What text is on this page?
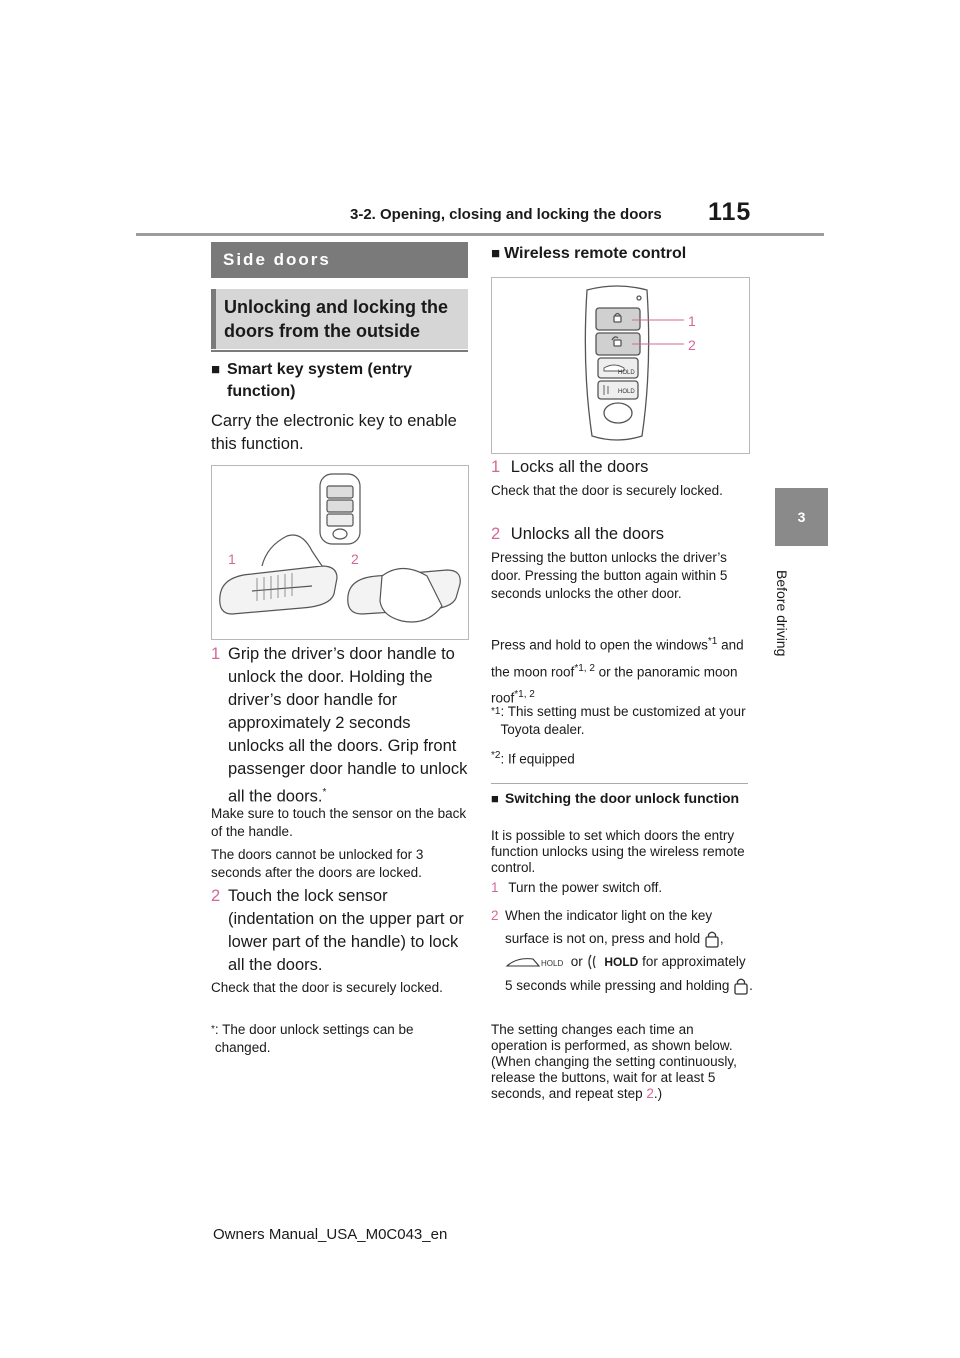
3-2. Opening, closing and locking the doors 115
3
Before driving
Side doors
Unlocking and locking the doors from the outside
■ Smart key system (entry function)
Carry the electronic key to enable this function.
1	2
1 Grip the driver’s door handle to unlock the door. Holding the driver’s door handle for approximately 2 seconds unlocks all the doors. Grip front passenger door handle to unlock all the doors.*
Make sure to touch the sensor on the back of the handle.
The doors cannot be unlocked for 3 seconds after the doors are locked.
2 Touch the lock sensor (indentation on the upper part or lower part of the handle) to lock all the doors.
Check that the door is securely locked.
* : The door unlock settings can be changed.
■ Wireless remote control
HOLD
HOLD
1
2
1 Locks all the doors
Check that the door is securely locked.
2 Unlocks all the doors
Pressing the button unlocks the driver’s door. Pressing the button again within 5 seconds unlocks the other door.
Press and hold to open the windows$^{*1}$ and the moon roof$^{*1, 2}$ or the panoramic moon roof$^{*1, 2}$
*1 : This setting must be customized at your Toyota dealer.
$^{*2}$: If equipped
■ Switching the door unlock function
It is possible to set which doors the entry function unlocks using the wireless remote control.
1 Turn the power switch off.
2 When the indicator light on the key surface is not on, press and hold ,
HOLD or HOLD for approximately 5 seconds while pressing and holding .
The setting changes each time an operation is performed, as shown below. (When changing the setting continuously, release the buttons, wait for at least 5 seconds, and repeat step 2.)
Owners Manual_USA_M0C043_en
